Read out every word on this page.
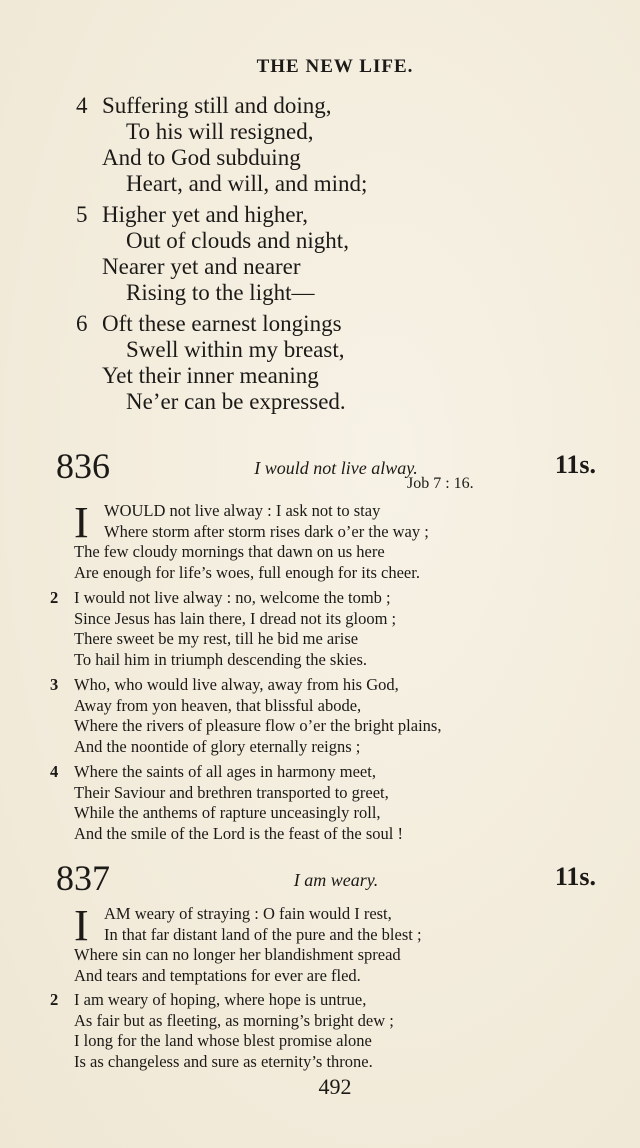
THE NEW LIFE.
4 Suffering still and doing,
To his will resigned,
And to God subduing
Heart, and will, and mind;
5 Higher yet and higher,
Out of clouds and night,
Nearer yet and nearer
Rising to the light—
6 Oft these earnest longings
Swell within my breast,
Yet their inner meaning
Ne’er can be expressed.
836	I would not live alway.	11s.
Job 7 : 16.
I WOULD not live alway : I ask not to stay
Where storm after storm rises dark o’er the way ;
The few cloudy mornings that dawn on us here
Are enough for life’s woes, full enough for its cheer.
2 I would not live alway : no, welcome the tomb ;
Since Jesus has lain there, I dread not its gloom ;
There sweet be my rest, till he bid me arise
To hail him in triumph descending the skies.
3 Who, who would live alway, away from his God,
Away from yon heaven, that blissful abode,
Where the rivers of pleasure flow o’er the bright plains,
And the noontide of glory eternally reigns ;
4 Where the saints of all ages in harmony meet,
Their Saviour and brethren transported to greet,
While the anthems of rapture unceasingly roll,
And the smile of the Lord is the feast of the soul !
837	I am weary.	11s.
I AM weary of straying : O fain would I rest,
In that far distant land of the pure and the blest ;
Where sin can no longer her blandishment spread
And tears and temptations for ever are fled.
2 I am weary of hoping, where hope is untrue,
As fair but as fleeting, as morning’s bright dew ;
I long for the land whose blest promise alone
Is as changeless and sure as eternity’s throne.
492
